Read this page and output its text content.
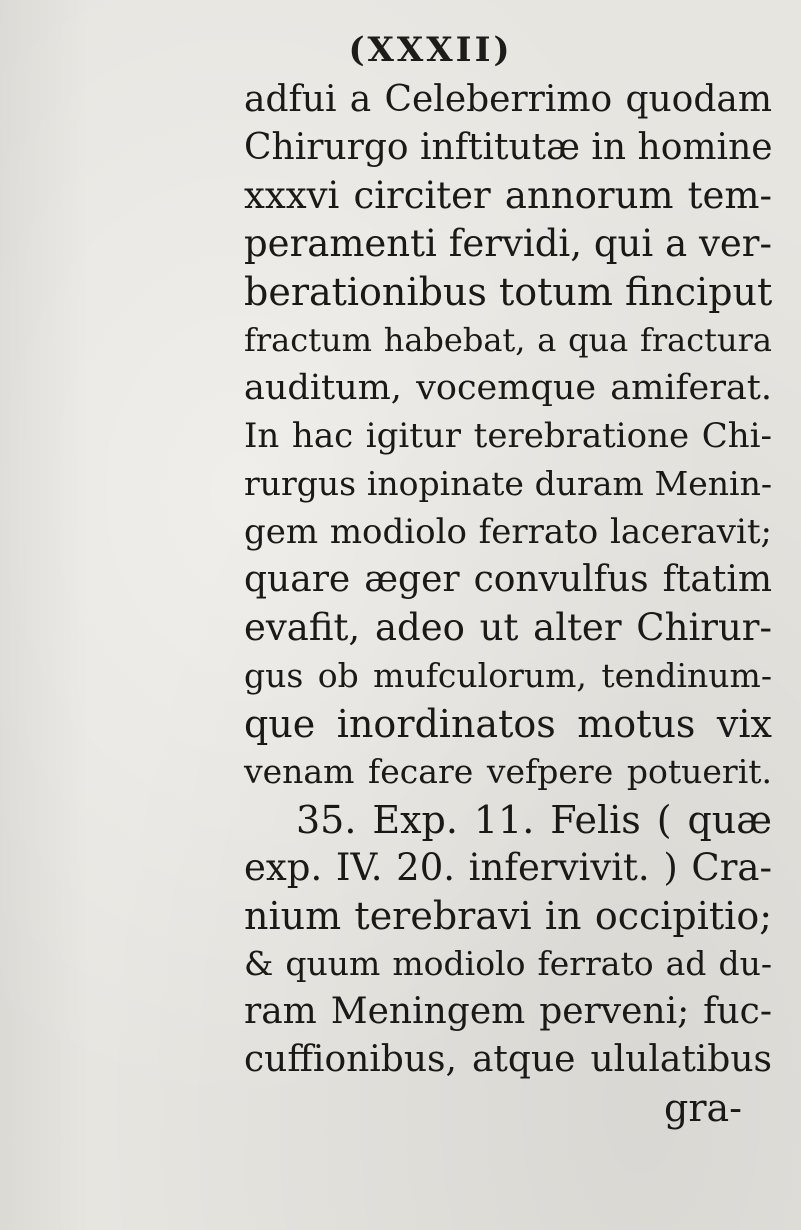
(XXXII)
adfui a Celeberrimo quodam
Chirurgo inftitutæ in homine
xxxvi circiter annorum tem-
peramenti fervidi, qui a ver-
berationibus totum finciput
fractum habebat, a qua fractura
auditum, vocemque amiferat.
In hac igitur terebratione Chi-
rurgus inopinate duram Menin-
gem modiolo ferrato laceravit;
quare æger convulfus ftatim
evafit, adeo ut alter Chirur-
gus ob mufculorum, tendinum-
que inordinatos motus vix
venam fecare vefpere potuerit.
35. Exp. 11. Felis ( quæ
exp. IV. 20. infervivit. ) Cra-
nium terebravi in occipitio;
& quum modiolo ferrato ad du-
ram Meningem perveni; fuc-
cuffionibus, atque ululatibus
gra-
